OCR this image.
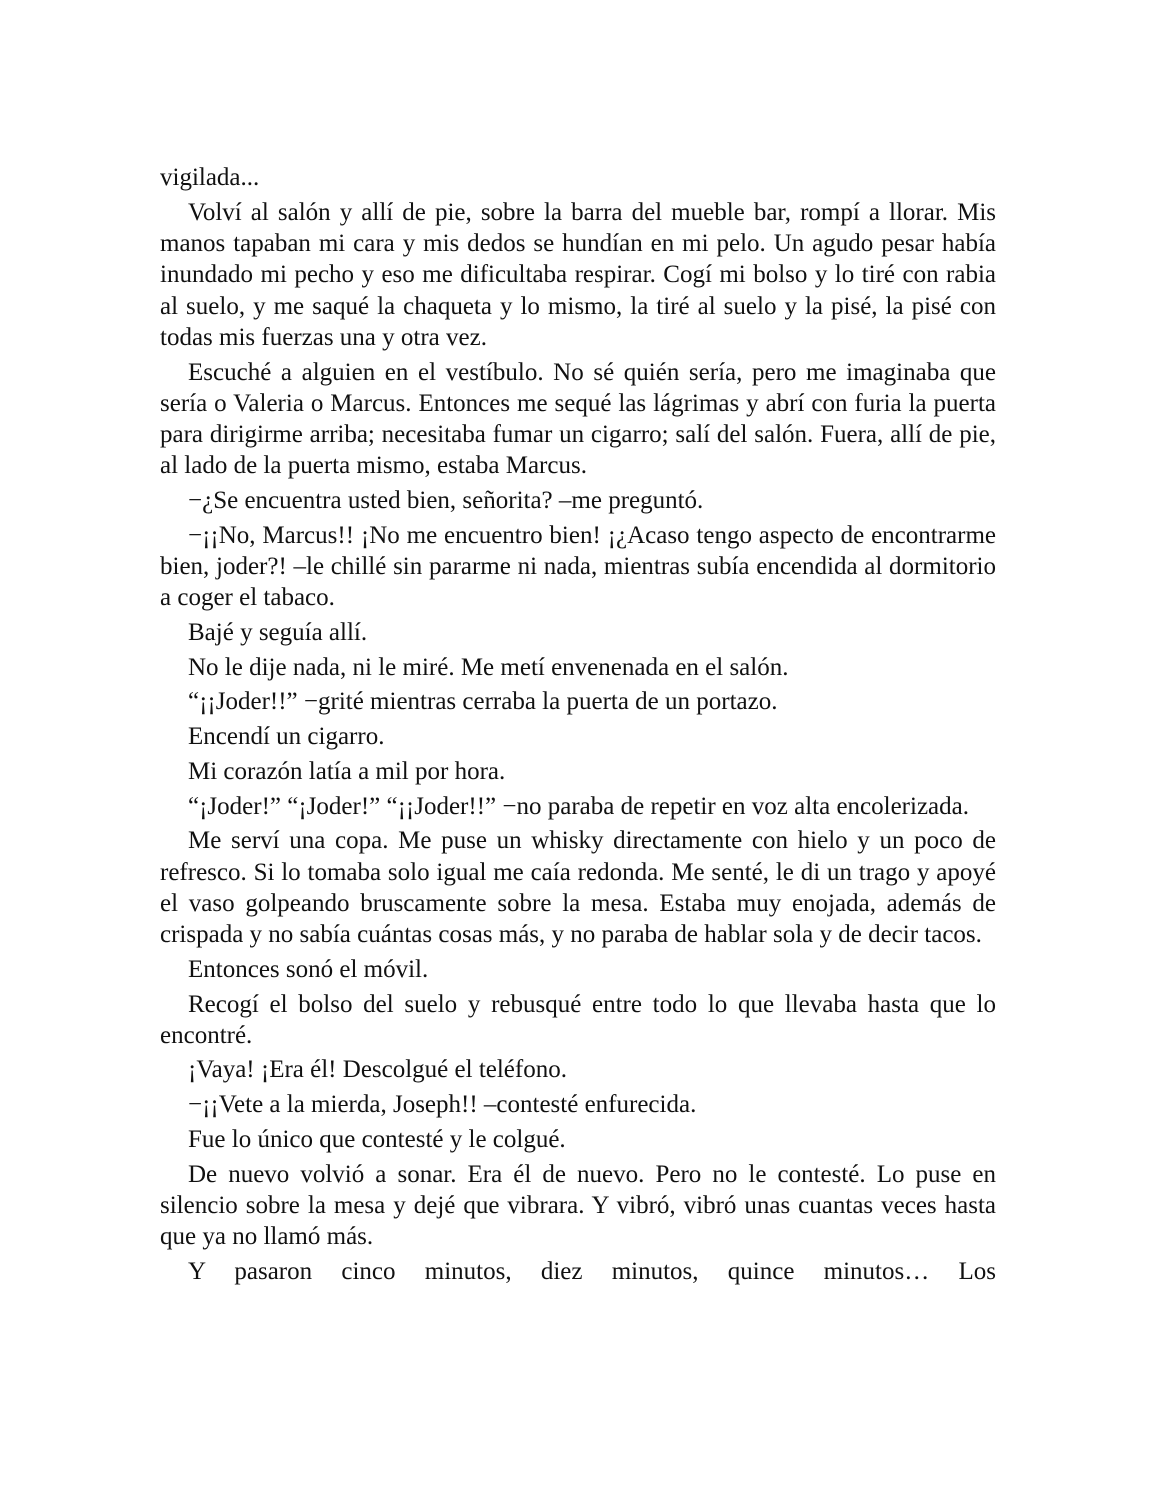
vigilada...

Volví al salón y allí de pie, sobre la barra del mueble bar, rompí a llorar. Mis manos tapaban mi cara y mis dedos se hundían en mi pelo. Un agudo pesar había inundado mi pecho y eso me dificultaba respirar. Cogí mi bolso y lo tiré con rabia al suelo, y me saqué la chaqueta y lo mismo, la tiré al suelo y la pisé, la pisé con todas mis fuerzas una y otra vez.

Escuché a alguien en el vestíbulo. No sé quién sería, pero me imaginaba que sería o Valeria o Marcus. Entonces me sequé las lágrimas y abrí con furia la puerta para dirigirme arriba; necesitaba fumar un cigarro; salí del salón. Fuera, allí de pie, al lado de la puerta mismo, estaba Marcus.

−¿Se encuentra usted bien, señorita? –me preguntó.

−¡¡No, Marcus!! ¡No me encuentro bien! ¡¿Acaso tengo aspecto de encontrarme bien, joder?! –le chillé sin pararme ni nada, mientras subía encendida al dormitorio a coger el tabaco.

Bajé y seguía allí.

No le dije nada, ni le miré. Me metí envenenada en el salón.

“¡¡Joder!!” −grité mientras cerraba la puerta de un portazo.

Encendí un cigarro.

Mi corazón latía a mil por hora.

“¡Joder!” “¡Joder!” “¡¡Joder!!” −no paraba de repetir en voz alta encolerizada.

Me serví una copa. Me puse un whisky directamente con hielo y un poco de refresco. Si lo tomaba solo igual me caía redonda. Me senté, le di un trago y apoyé el vaso golpeando bruscamente sobre la mesa. Estaba muy enojada, además de crispada y no sabía cuántas cosas más, y no paraba de hablar sola y de decir tacos.

Entonces sonó el móvil.

Recogí el bolso del suelo y rebusqué entre todo lo que llevaba hasta que lo encontré.

¡Vaya! ¡Era él! Descolgué el teléfono.

−¡¡Vete a la mierda, Joseph!! –contesté enfurecida.

Fue lo único que contesté y le colgué.

De nuevo volvió a sonar. Era él de nuevo. Pero no le contesté. Lo puse en silencio sobre la mesa y dejé que vibrara. Y vibró, vibró unas cuantas veces hasta que ya no llamó más.

Y pasaron cinco minutos, diez minutos, quince minutos… Los
